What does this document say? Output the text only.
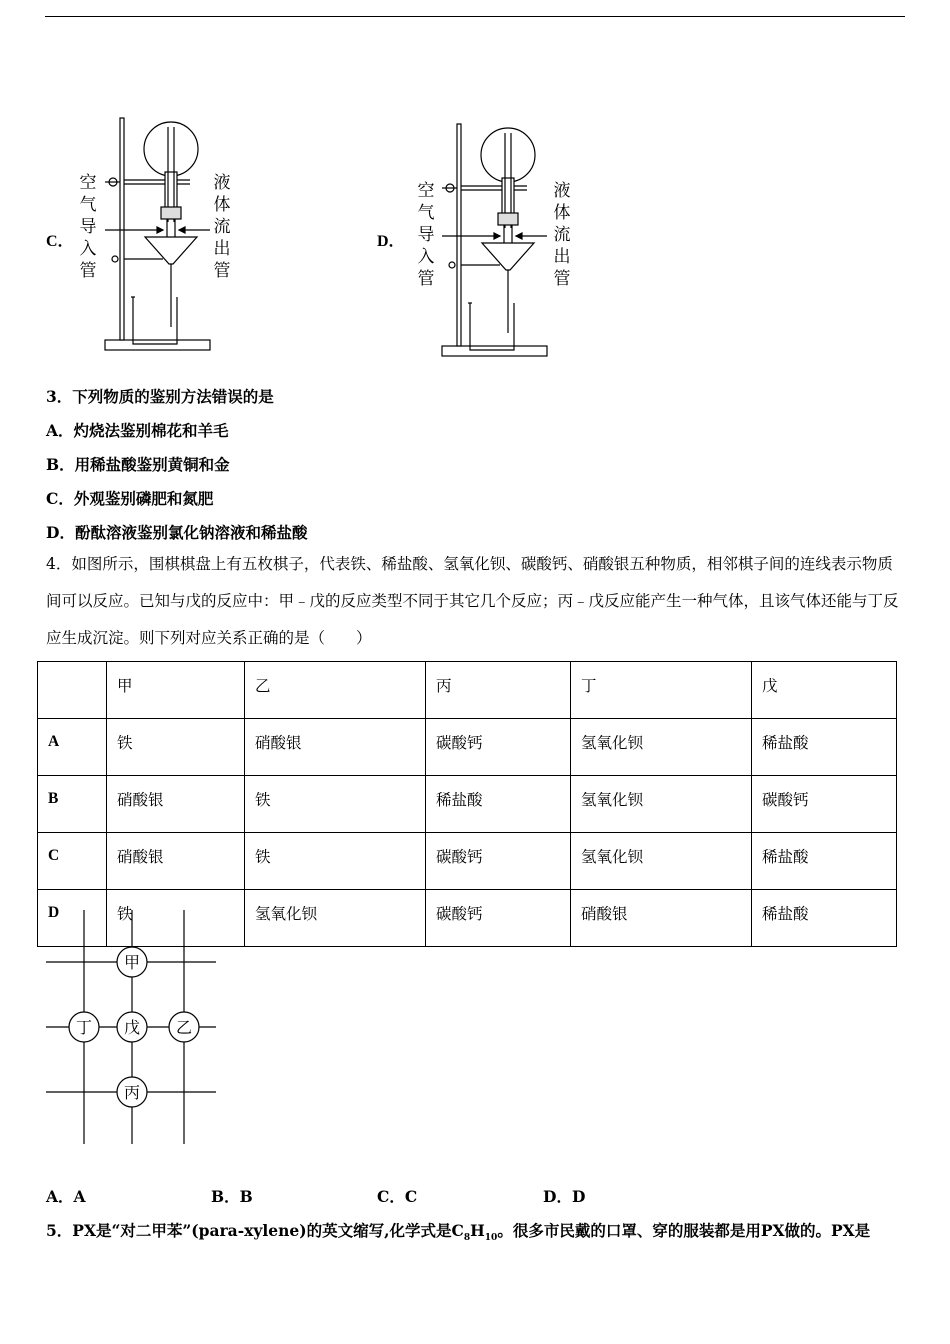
C．
空气导入管
液体流出管
D．
空气导入管
液体流出管
3．下列物质的鉴别方法错误的是
A．灼烧法鉴别棉花和羊毛
B．用稀盐酸鉴别黄铜和金
C．外观鉴别磷肥和氮肥
D．酚酞溶液鉴别氯化钠溶液和稀盐酸
4．如图所示，围棋棋盘上有五枚棋子，代表铁、稀盐酸、氢氧化钡、碳酸钙、硝酸银五种物质，相邻棋子间的连线表示物质间可以反应。已知与戊的反应中：甲﹣戊的反应类型不同于其它几个反应；丙﹣戊反应能产生一种气体，且该气体还能与丁反应生成沉淀。则下列对应关系正确的是（　　）
	甲	乙	丙	丁	戊
A	铁	硝酸银	碳酸钙	氢氧化钡	稀盐酸
B	硝酸银	铁	稀盐酸	氢氧化钡	碳酸钙
C	硝酸银	铁	碳酸钙	氢氧化钡	稀盐酸
D	铁	氢氧化钡	碳酸钙	硝酸银	稀盐酸
甲
丁 戊 乙
丙
A．A	B．B	C．C	D．D
5．PX是“对二甲苯”(para-xylene)的英文缩写,化学式是$C_8H_{10}$。很多市民戴的口罩、穿的服装都是用PX做的。PX是
